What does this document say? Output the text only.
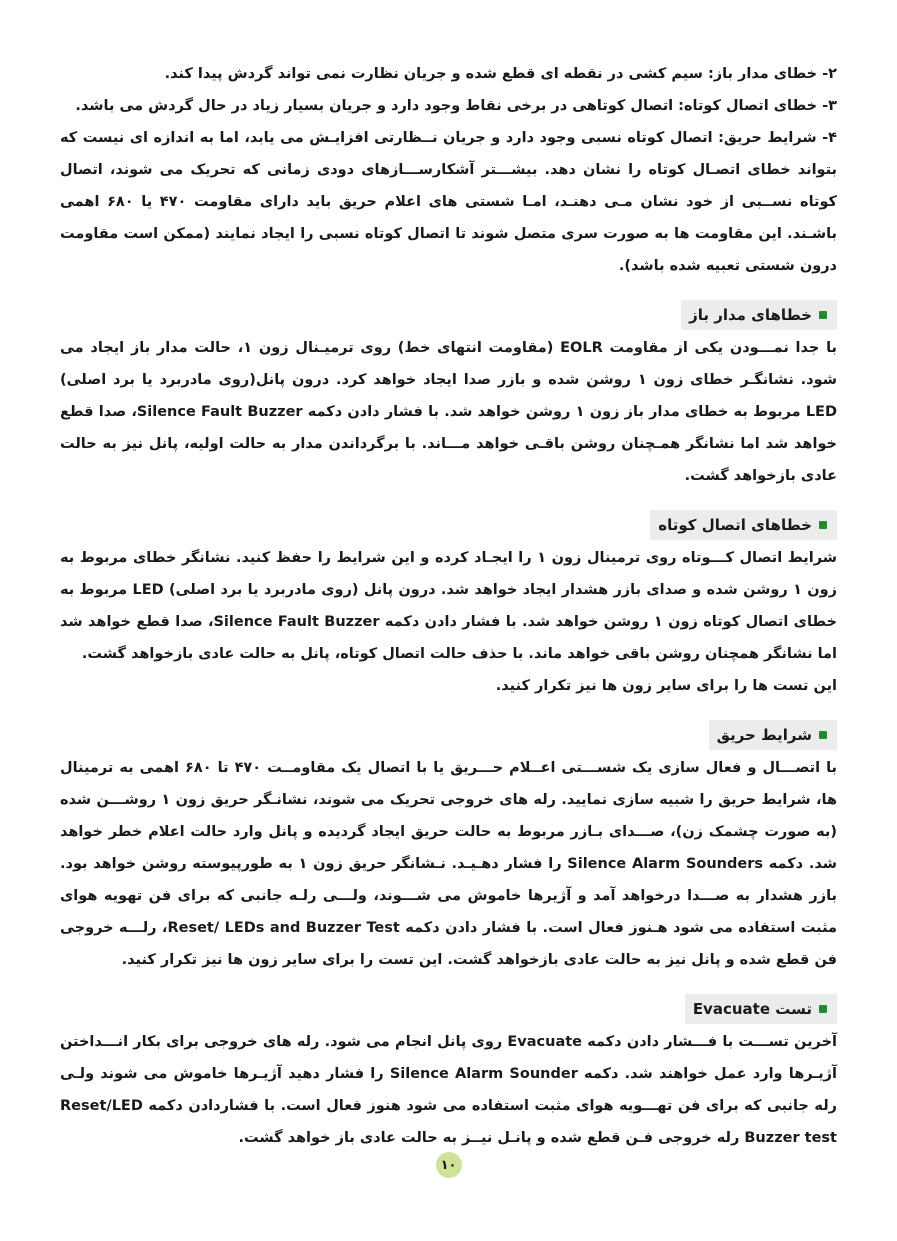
۲- خطای مدار باز: سیم کشی در نقطه ای قطع شده و جریان نظارت نمی تواند گردش پیدا کند.

۳- خطای اتصال کوتاه: اتصال کوتاهی در برخی نقاط وجود دارد و جریان بسیار زیاد در حال گردش می باشد.

۴- شرایط حریق: اتصال کوتاه نسبی وجود دارد و جریان نــظارتی افزایـش می یابد، اما به اندازه ای نیست که بتواند خطای اتصـال کوتاه را نشان دهد. بیشـــتر آشکارســـازهای دودی زمانی که تحریک می شوند، اتصال کوتاه نســبی از خود نشان مـی دهنـد، امـا شستی های اعلام حریق باید دارای مقاومت ۴۷۰ یا ۶۸۰ اهمی باشـند. این مقاومت ها به صورت سری متصل شوند تا اتصال کوتاه نسبی را ایجاد نمایند (ممکن است مقاومت درون شستی تعبیه شده باشد).

خطاهای مدار باز

با جدا نمـــودن یکی از مقاومت EOLR (مقاومت انتهای خط) روی ترمیـنال زون ۱، حالت مدار باز ایجاد می شود. نشانگـر خطای زون ۱ روشن شده و بازر صدا ایجاد خواهد کرد. درون پانل(روی مادربرد یا برد اصلی) LED مربوط به خطای مدار باز زون ۱ روشن خواهد شد. با فشار دادن دکمه Silence Fault Buzzer، صدا قطع خواهد شد اما نشانگر همـچنان روشن باقـی خواهد مـــاند. با برگرداندن مدار به حالت اولیه، پانل نیز به حالت عادی بازخواهد گشت.

خطاهای اتصال کوتاه

شرایط اتصال کـــوتاه روی ترمینال زون ۱ را ایجـاد کرده و این شرایط را حفظ کنید. نشانگر خطای مربوط به زون ۱ روشن شده و صدای بازر هشدار ایجاد خواهد شد. درون پانل (روی مادربرد یا برد اصلی) LED مربوط به خطای اتصال کوتاه زون ۱ روشن خواهد شد. با فشار دادن دکمه Silence Fault Buzzer، صدا قطع خواهد شد اما نشانگر همچنان روشن باقی خواهد ماند. با حذف حالت اتصال کوتاه، پانل به حالت عادی بازخواهد گشت.

این تست ها را برای سایر زون ها نیز تکرار کنید.

شرایط حریق

با اتصـــال و فعال سازی یک شســـتی اعــلام حـــریق یا با اتصال یک مقاومــت ۴۷۰ تا ۶۸۰ اهمی به ترمینال ها، شرایط حریق را شبیه سازی نمایید. رله های خروجی تحریک می شوند، نشانـگر حریق زون ۱ روشـــن شده (به صورت چشمک زن)، صـــدای بـازر مربوط به حالت حریق ایجاد گردیده و پانل وارد حالت اعلام خطر خواهد شد. دکمه Silence Alarm Sounders را فشار دهـیـد. نـشانگر حریق زون ۱ به طورپیوسته روشن خواهد بود. بازر هشدار به صـــدا درخواهد آمد و آژیرها خاموش می شـــوند، ولـــی رلـه جانبی که برای فن تهویه هوای مثبت استفاده می شود هـنوز فعال است. با فشار دادن دکمه Reset/ LEDs and Buzzer Test، رلـــه خروجی فن قطع شده و پانل نیز به حالت عادی بازخواهد گشت. این تست را برای سایر زون ها نیز تکرار کنید.

تست Evacuate

آخرین تســـت با فـــشار دادن دکمه Evacuate روی پانل انجام می شود. رله های خروجی برای بکار انـــداختن آژیـرها وارد عمل خواهند شد. دکمه Silence Alarm Sounder را فشار دهید آژیـرها خاموش می شوند ولـی رله جانبی که برای فن تهـــویه هوای مثبت استفاده می شود هنوز فعال است. با فشاردادن دکمه Reset/LED Buzzer test رله خروجی فـن قطع شده و پانـل نیــز به حالت عادی باز خواهد گشت.

۱۰
